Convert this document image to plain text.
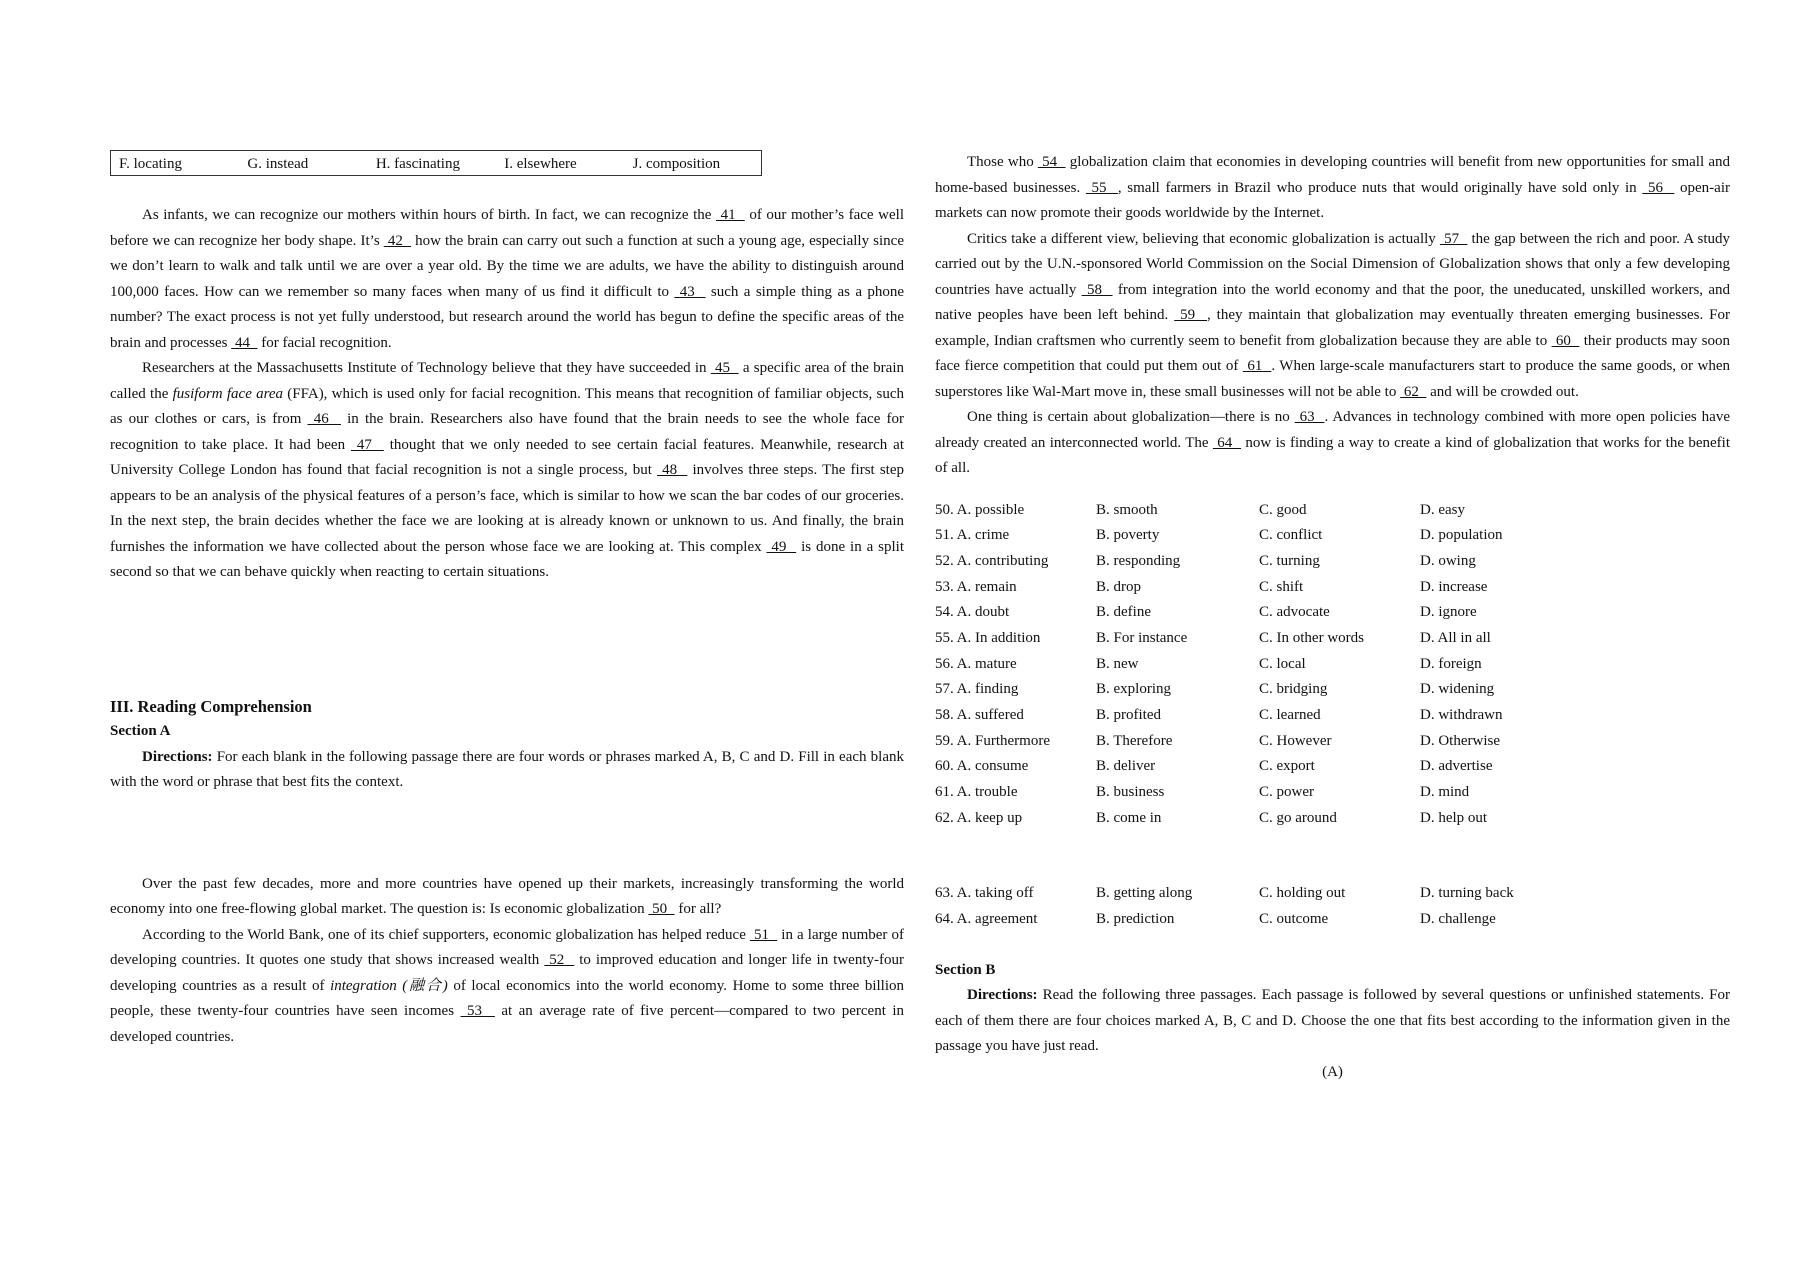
F. locating	G. instead	H. fascinating	I. elsewhere	J. composition

As infants, we can recognize our mothers within hours of birth. In fact, we can recognize the  41   of our mother’s face well before we can recognize her body shape. It’s  42   how the brain can carry out such a function at such a young age, especially since we don’t learn to walk and talk until we are over a year old. By the time we are adults, we have the ability to distinguish around 100,000 faces. How can we remember so many faces when many of us find it difficult to  43   such a simple thing as a phone number? The exact process is not yet fully understood, but research around the world has begun to define the specific areas of the brain and processes  44   for facial recognition.

Researchers at the Massachusetts Institute of Technology believe that they have succeeded in  45   a specific area of the brain called the fusiform face area (FFA), which is used only for facial recognition. This means that recognition of familiar objects, such as our clothes or cars, is from  46   in the brain. Researchers also have found that the brain needs to see the whole face for recognition to take place. It had been  47   thought that we only needed to see certain facial features. Meanwhile, research at University College London has found that facial recognition is not a single process, but  48   involves three steps. The first step appears to be an analysis of the physical features of a person’s face, which is similar to how we scan the bar codes of our groceries. In the next step, the brain decides whether the face we are looking at is already known or unknown to us. And finally, the brain furnishes the information we have collected about the person whose face we are looking at. This complex  49   is done in a split second so that we can behave quickly when reacting to certain situations.

III. Reading Comprehension

Section A

Directions: For each blank in the following passage there are four words or phrases marked A, B, C and D. Fill in each blank with the word or phrase that best fits the context.

Over the past few decades, more and more countries have opened up their markets, increasingly transforming the world economy into one free-flowing global market. The question is: Is economic globalization  50   for all?

According to the World Bank, one of its chief supporters, economic globalization has helped reduce  51   in a large number of developing countries. It quotes one study that shows increased wealth  52   to improved education and longer life in twenty-four developing countries as a result of integration (融合) of local economics into the world economy. Home to some three billion people, these twenty-four countries have seen incomes  53   at an average rate of five percent—compared to two percent in developed countries.

Those who  54   globalization claim that economies in developing countries will benefit from new opportunities for small and home-based businesses.  55  , small farmers in Brazil who produce nuts that would originally have sold only in  56   open-air markets can now promote their goods worldwide by the Internet.

Critics take a different view, believing that economic globalization is actually  57   the gap between the rich and poor. A study carried out by the U.N.-sponsored World Commission on the Social Dimension of Globalization shows that only a few developing countries have actually  58   from integration into the world economy and that the poor, the uneducated, unskilled workers, and native peoples have been left behind.  59  , they maintain that globalization may eventually threaten emerging businesses. For example, Indian craftsmen who currently seem to benefit from globalization because they are able to  60   their products may soon face fierce competition that could put them out of  61  . When large-scale manufacturers start to produce the same goods, or when superstores like Wal-Mart move in, these small businesses will not be able to  62   and will be crowded out.

One thing is certain about globalization—there is no  63  . Advances in technology combined with more open policies have already created an interconnected world. The  64   now is finding a way to create a kind of globalization that works for the benefit of all.

50. A. possible	B. smooth	C. good	D. easy
51. A. crime	B. poverty	C. conflict	D. population
52. A. contributing	B. responding	C. turning	D. owing
53. A. remain	B. drop	C. shift	D. increase
54. A. doubt	B. define	C. advocate	D. ignore
55. A. In addition	B. For instance	C. In other words	D. All in all
56. A. mature	B. new	C. local	D. foreign
57. A. finding	B. exploring	C. bridging	D. widening
58. A. suffered	B. profited	C. learned	D. withdrawn
59. A. Furthermore	B. Therefore	C. However	D. Otherwise
60. A. consume	B. deliver	C. export	D. advertise
61. A. trouble	B. business	C. power	D. mind
62. A. keep up	B. come in	C. go around	D. help out
63. A. taking off	B. getting along	C. holding out	D. turning back
64. A. agreement	B. prediction	C. outcome	D. challenge

Section B

Directions: Read the following three passages. Each passage is followed by several questions or unfinished statements. For each of them there are four choices marked A, B, C and D. Choose the one that fits best according to the information given in the passage you have just read.

(A)
